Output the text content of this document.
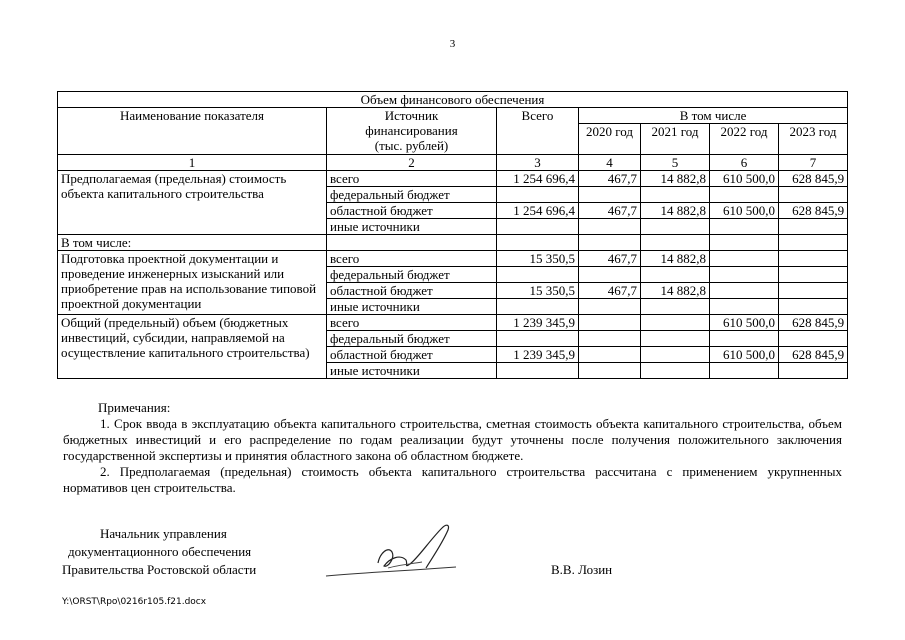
3
Объем финансового обеспечения						
Наименование показателя	Источник финансирования (тыс. рублей)	Всего	В том числе			
			2020 год	2021 год	2022 год	2023 год
1	2	3	4	5	6	7
Предполагаемая (предельная) стоимость объекта капитального строительства	всего	1 254 696,4	467,7	14 882,8	610 500,0	628 845,9
	федеральный бюджет					
	областной бюджет	1 254 696,4	467,7	14 882,8	610 500,0	628 845,9
	иные источники					
В том числе:						
Подготовка проектной документации и проведение инженерных изысканий или приобретение прав на использование типовой проектной документации	всего	15 350,5	467,7	14 882,8		
	федеральный бюджет					
	областной бюджет	15 350,5	467,7	14 882,8		
	иные источники					
Общий (предельный) объем (бюджетных инвестиций, субсидии, направляемой на осуществление капитального строительства)	всего	1 239 345,9			610 500,0	628 845,9
	федеральный бюджет					
	областной бюджет	1 239 345,9			610 500,0	628 845,9
	иные источники					
Примечания:

1. Срок ввода в эксплуатацию объекта капитального строительства, сметная стоимость объекта капитального строительства, объем бюджетных инвестиций и его распределение по годам реализации будут уточнены после получения положительного заключения государственной экспертизы и принятия областного закона об областном бюджете.

2. Предполагаемая (предельная) стоимость объекта капитального строительства рассчитана с применением укрупненных нормативов цен строительства.

Начальник управления
документационного обеспечения
Правительства Ростовской области	В.В. Лозин
Y:\ORST\Rpo\0216r105.f21.docx
